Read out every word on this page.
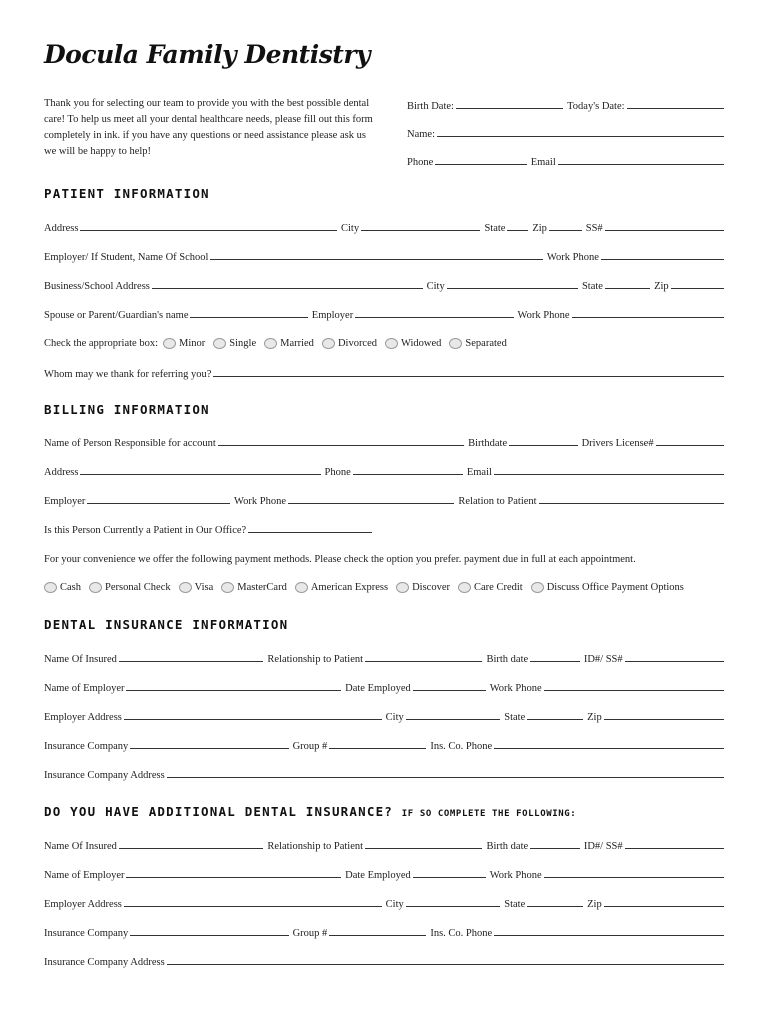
Docula Family Dentistry
Thank you for selecting our team to provide you with the best possible dental care! To help us meet all your dental healthcare needs, please fill out this form completely in ink. if you have any questions or need assistance please ask us we will be happy to help!
Birth Date:	Today's Date:
Name:
Phone	Email
PATIENT INFORMATION
Address	City	State	Zip	SS#
Employer/ If Student, Name Of School	Work Phone
Business/School Address	City	State	Zip
Spouse or Parent/Guardian's name	Employer	Work Phone
Check the appropriate box: Minor Single Married Divorced Widowed Separated
Whom may we thank for referring you?
BILLING INFORMATION
Name of Person Responsible for account	Birthdate	Drivers License#
Address	Phone	Email
Employer	Work Phone	Relation to Patient
Is this Person Currently a Patient in Our Office?
For your convenience we offer the following payment methods. Please check the option you prefer. payment due in full at each appointment.
Cash Personal Check Visa MasterCard American Express Discover Care Credit Discuss Office Payment Options
DENTAL INSURANCE INFORMATION
Name Of Insured	Relationship to Patient	Birth date	ID#/ SS#
Name of Employer	Date Employed	Work Phone
Employer Address	City	State	Zip
Insurance Company	Group #	Ins. Co. Phone
Insurance Company Address
DO YOU HAVE ADDITIONAL DENTAL INSURANCE? IF SO COMPLETE THE FOLLOWING:
Name Of Insured	Relationship to Patient	Birth date	ID#/ SS#
Name of Employer	Date Employed	Work Phone
Employer Address	City	State	Zip
Insurance Company	Group #	Ins. Co. Phone
Insurance Company Address
